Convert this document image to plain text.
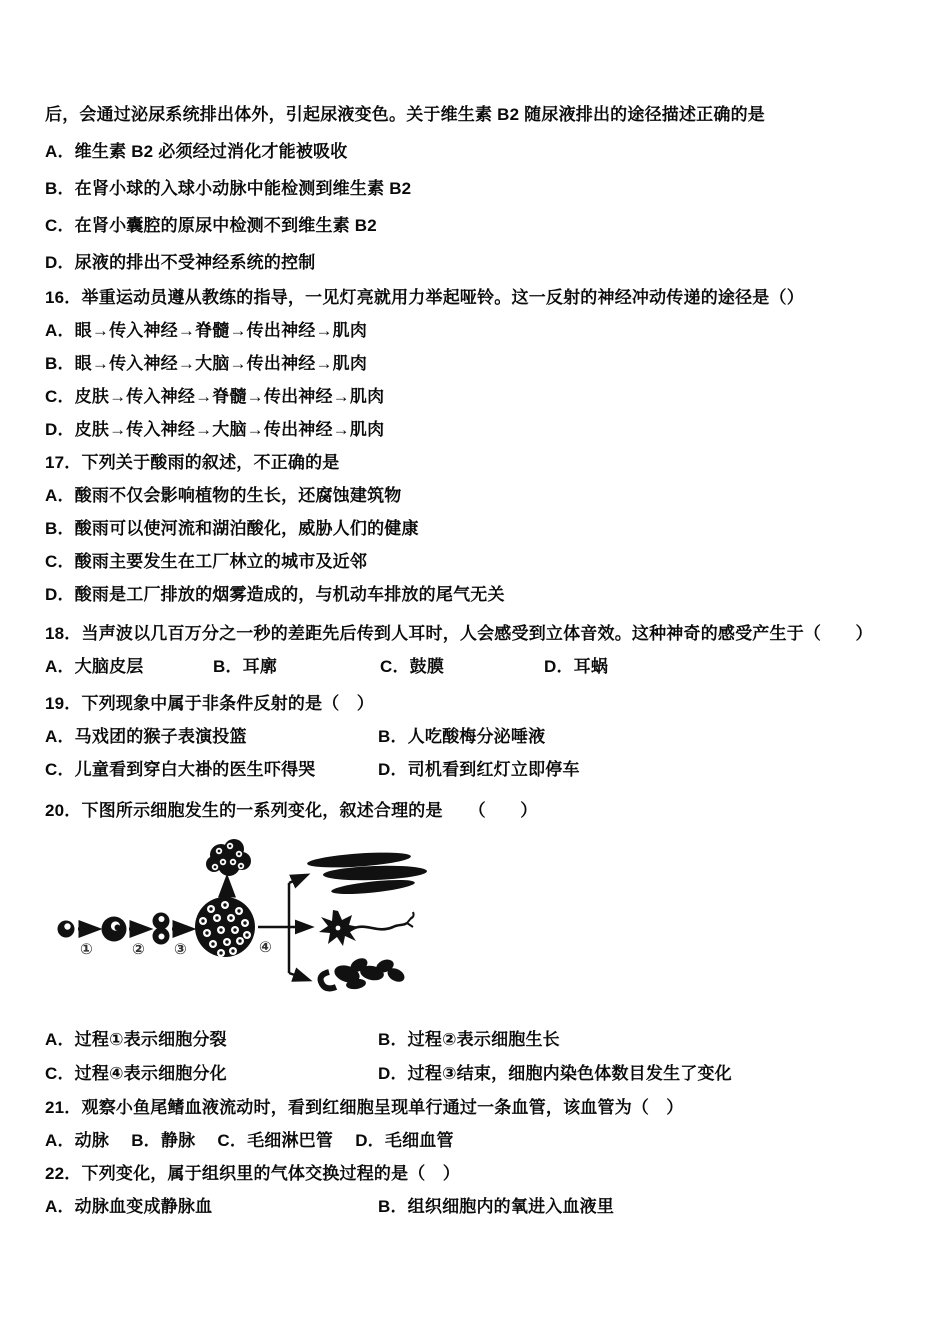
后，会通过泌尿系统排出体外，引起尿液变色。关于维生素 B2 随尿液排出的途径描述正确的是
A．维生素 B2 必须经过消化才能被吸收
B．在肾小球的入球小动脉中能检测到维生素 B2
C．在肾小囊腔的原尿中检测不到维生素 B2
D．尿液的排出不受神经系统的控制
16．举重运动员遵从教练的指导，一见灯亮就用力举起哑铃。这一反射的神经冲动传递的途径是（）
A．眼→传入神经→脊髓→传出神经→肌肉
B．眼→传入神经→大脑→传出神经→肌肉
C．皮肤→传入神经→脊髓→传出神经→肌肉
D．皮肤→传入神经→大脑→传出神经→肌肉
17．下列关于酸雨的叙述，不正确的是
A．酸雨不仅会影响植物的生长，还腐蚀建筑物
B．酸雨可以使河流和湖泊酸化，威胁人们的健康
C．酸雨主要发生在工厂林立的城市及近邻
D．酸雨是工厂排放的烟雾造成的，与机动车排放的尾气无关
18．当声波以几百万分之一秒的差距先后传到人耳时，人会感受到立体音效。这种神奇的感受产生于（　　）
A．大脑皮层	B．耳廓	C．鼓膜	D．耳蜗
19．下列现象中属于非条件反射的是（　）
A．马戏团的猴子表演投篮	B．人吃酸梅分泌唾液
C．儿童看到穿白大褂的医生吓得哭	D．司机看到红灯立即停车
20．下图所示细胞发生的一系列变化，叙述合理的是　　（　　）
①	② ③	④
A．过程①表示细胞分裂	B．过程②表示细胞生长
C．过程④表示细胞分化	D．过程③结束，细胞内染色体数目发生了变化
21．观察小鱼尾鳍血液流动时，看到红细胞呈现单行通过一条血管，该血管为（　）
A．动脉　 B．静脉　 C．毛细淋巴管　 D．毛细血管
22．下列变化，属于组织里的气体交换过程的是（　）
A．动脉血变成静脉血	B．组织细胞内的氧进入血液里
